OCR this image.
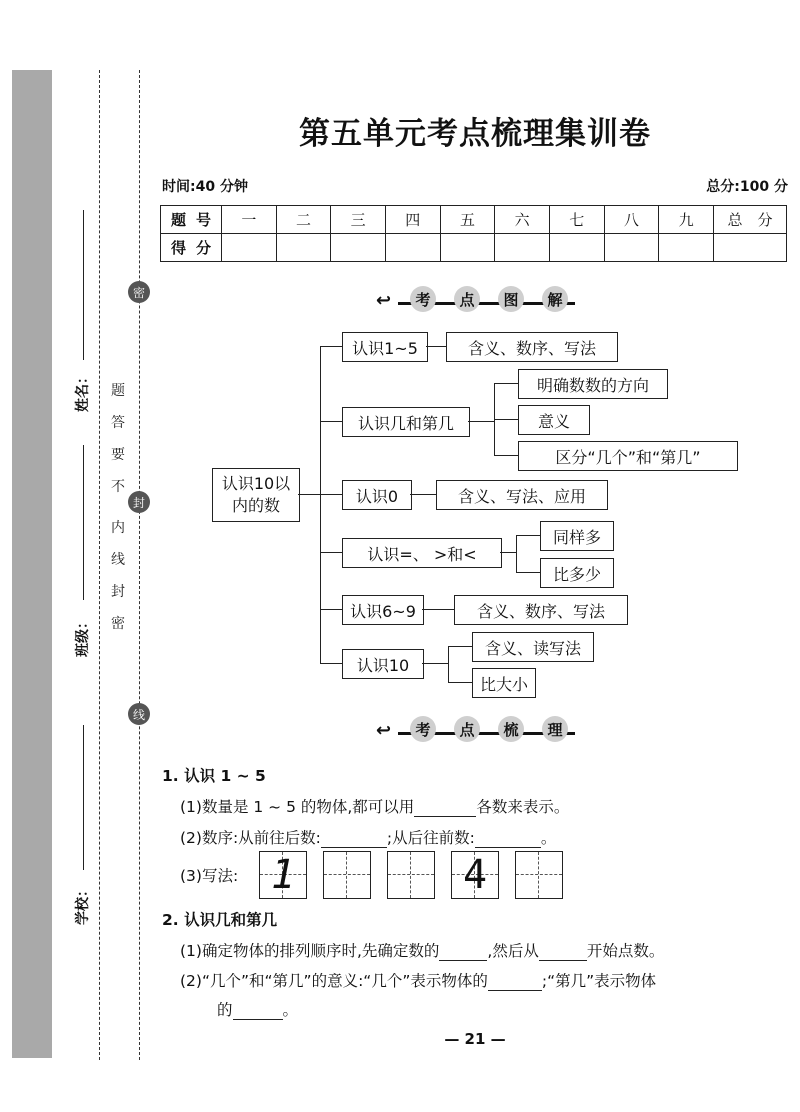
姓名：
班级：
学校：
密
封
线
题
答
要
不
内
线
封
密
第五单元考点梳理集训卷
时间:40 分钟	总分:100 分
题号	一	二	三	四	五	六	七	八	九	总　分
得分										
↩	考	点	图	解
认识10以
内的数
认识1~5	含义、数序、写法
认识几和第几
明确数数的方向
意义
区分“几个”和“第几”
认识0	含义、写法、应用
认识=、 >和<
同样多
比多少
认识6~9	含义、数序、写法
认识10
含义、读写法
比大小
↩	考	点	梳	理
1. 认识 1 ~ 5
(1)数量是 1 ~ 5 的物体,都可以用	各数来表示。
(2)数序:从前往后数:	;从后往前数:	。
(3)写法: 1	4
2. 认识几和第几
(1)确定物体的排列顺序时,先确定数的	,然后从	开始点数。
(2)“几个”和“第几”的意义:“几个”表示物体的	;“第几”表示物体
的	。
— 21 —
